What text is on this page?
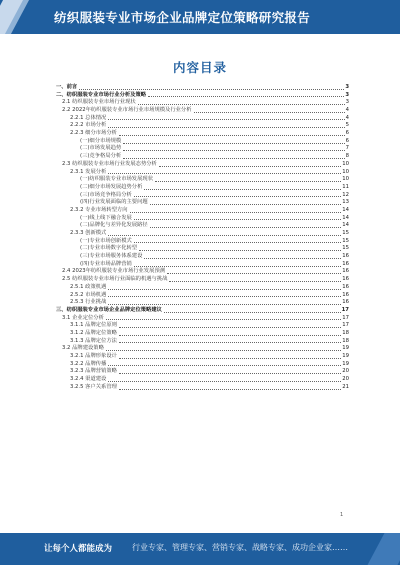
纺织服装专业市场企业品牌定位策略研究报告
内容目录
一、前言	3
二、纺织服装专业市场行业分析及策略	3
2.1 纺织服装专业市场行业现状	3
2.2 2022年纺织服装专业市场行业市场规模及行业分析	4
2.2.1 总体情况	4
2.2.2 市场分析	5
2.2.3 细分市场分析	6
(一)细分市场规模	6
(二)市场发展趋势	7
(三)竞争格局分析	8
2.3 纺织服装专业市场行业发展态势分析	10
2.3.1 发展分析	10
(一)纺织服装专业市场发展现状	10
(二)细分市场发展趋势分析	11
(三)市场竞争格局分析	12
(四)行业发展面临的主要问题	13
2.3.2 专业市场转型方向	14
(一)线上线下融合发展	14
(二)品牌化与差异化发展路径	14
2.3.3 创新模式	15
(一)专业市场创新模式	15
(二)专业市场数字化转型	15
(三)专业市场服务体系建设	16
(四)专业市场品牌营销	16
2.4 2023年纺织服装专业市场行业发展预测	16
2.5 纺织服装专业市场行业面临的机遇与挑战	16
2.5.1 政策机遇	16
2.5.2 市场机遇	16
2.5.3 行业挑战	16
三、纺织服装专业市场企业品牌定位策略建议	17
3.1 企业定位分析	17
3.1.1 品牌定位原则	17
3.1.2 品牌定位策略	18
3.1.3 品牌定位方法	18
3.2 品牌建设策略	19
3.2.1 品牌形象设计	19
3.2.2 品牌传播	19
3.2.3 品牌营销策略	20
3.2.4 渠道建设	20
3.2.5 客户关系管理	21
1
让每个人都能成为 行业专家、管理专家、营销专家、战略专家、成功企业家……
